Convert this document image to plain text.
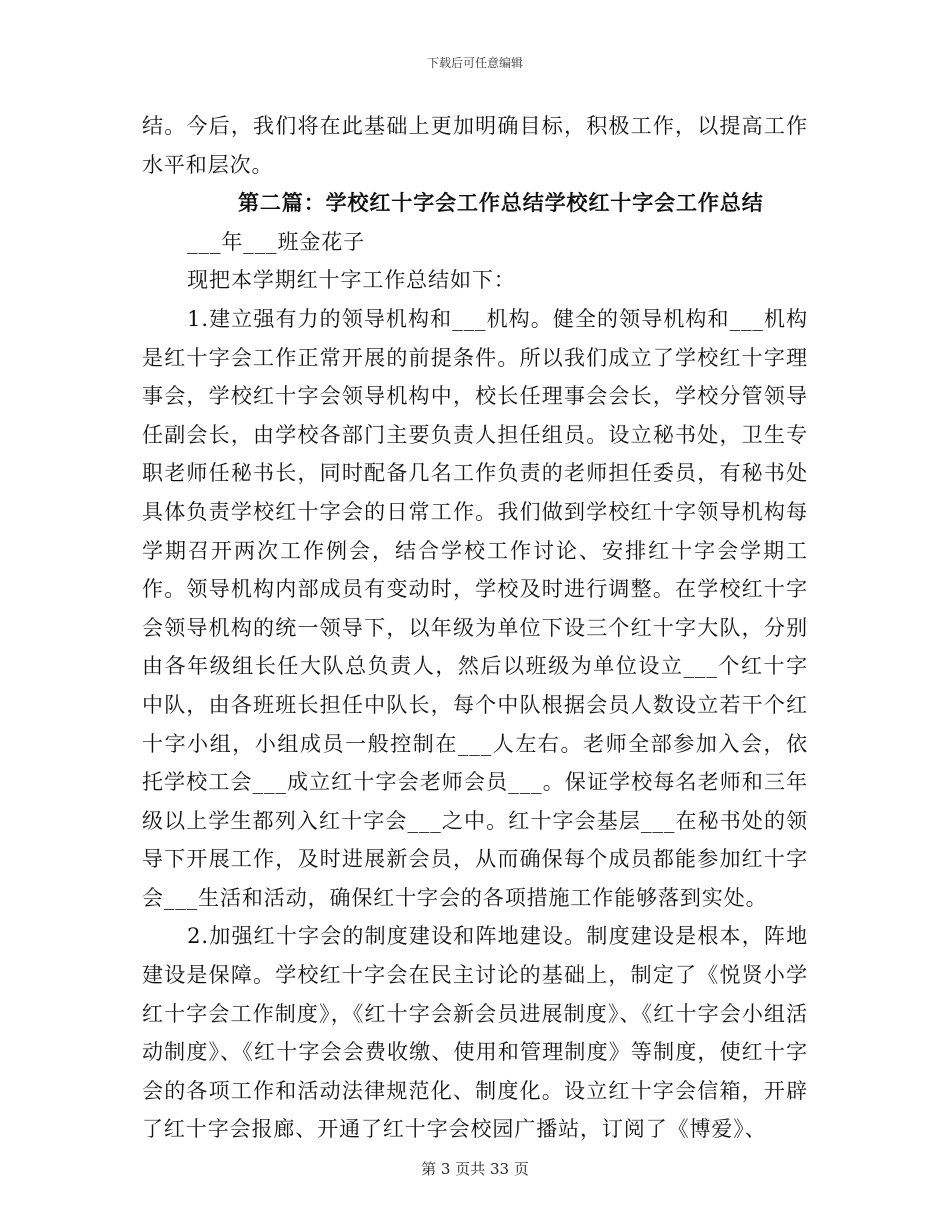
下载后可任意编辑

结。今后，我们将在此基础上更加明确目标，积极工作，以提高工作水平和层次。

第二篇：学校红十字会工作总结学校红十字会工作总结

___年___班金花子

现把本学期红十字工作总结如下：

1.建立强有力的领导机构和___机构。健全的领导机构和___机构是红十字会工作正常开展的前提条件。所以我们成立了学校红十字理事会，学校红十字会领导机构中，校长任理事会会长，学校分管领导任副会长，由学校各部门主要负责人担任组员。设立秘书处，卫生专职老师任秘书长，同时配备几名工作负责的老师担任委员，有秘书处具体负责学校红十字会的日常工作。我们做到学校红十字领导机构每学期召开两次工作例会，结合学校工作讨论、安排红十字会学期工作。领导机构内部成员有变动时，学校及时进行调整。在学校红十字会领导机构的统一领导下，以年级为单位下设三个红十字大队，分别由各年级组长任大队总负责人，然后以班级为单位设立___个红十字中队，由各班班长担任中队长，每个中队根据会员人数设立若干个红十字小组，小组成员一般控制在___人左右。老师全部参加入会，依托学校工会___成立红十字会老师会员___。保证学校每名老师和三年级以上学生都列入红十字会___之中。红十字会基层___在秘书处的领导下开展工作，及时进展新会员，从而确保每个成员都能参加红十字会___生活和活动，确保红十字会的各项措施工作能够落到实处。

2.加强红十字会的制度建设和阵地建设。制度建设是根本，阵地建设是保障。学校红十字会在民主讨论的基础上，制定了《悦贤小学红十字会工作制度》，《红十字会新会员进展制度》、《红十字会小组活动制度》、《红十字会会费收缴、使用和管理制度》等制度，使红十字会的各项工作和活动法律规范化、制度化。设立红十字会信箱，开辟了红十字会报廊、开通了红十字会校园广播站，订阅了《博爱》、

第 3 页共 33 页
